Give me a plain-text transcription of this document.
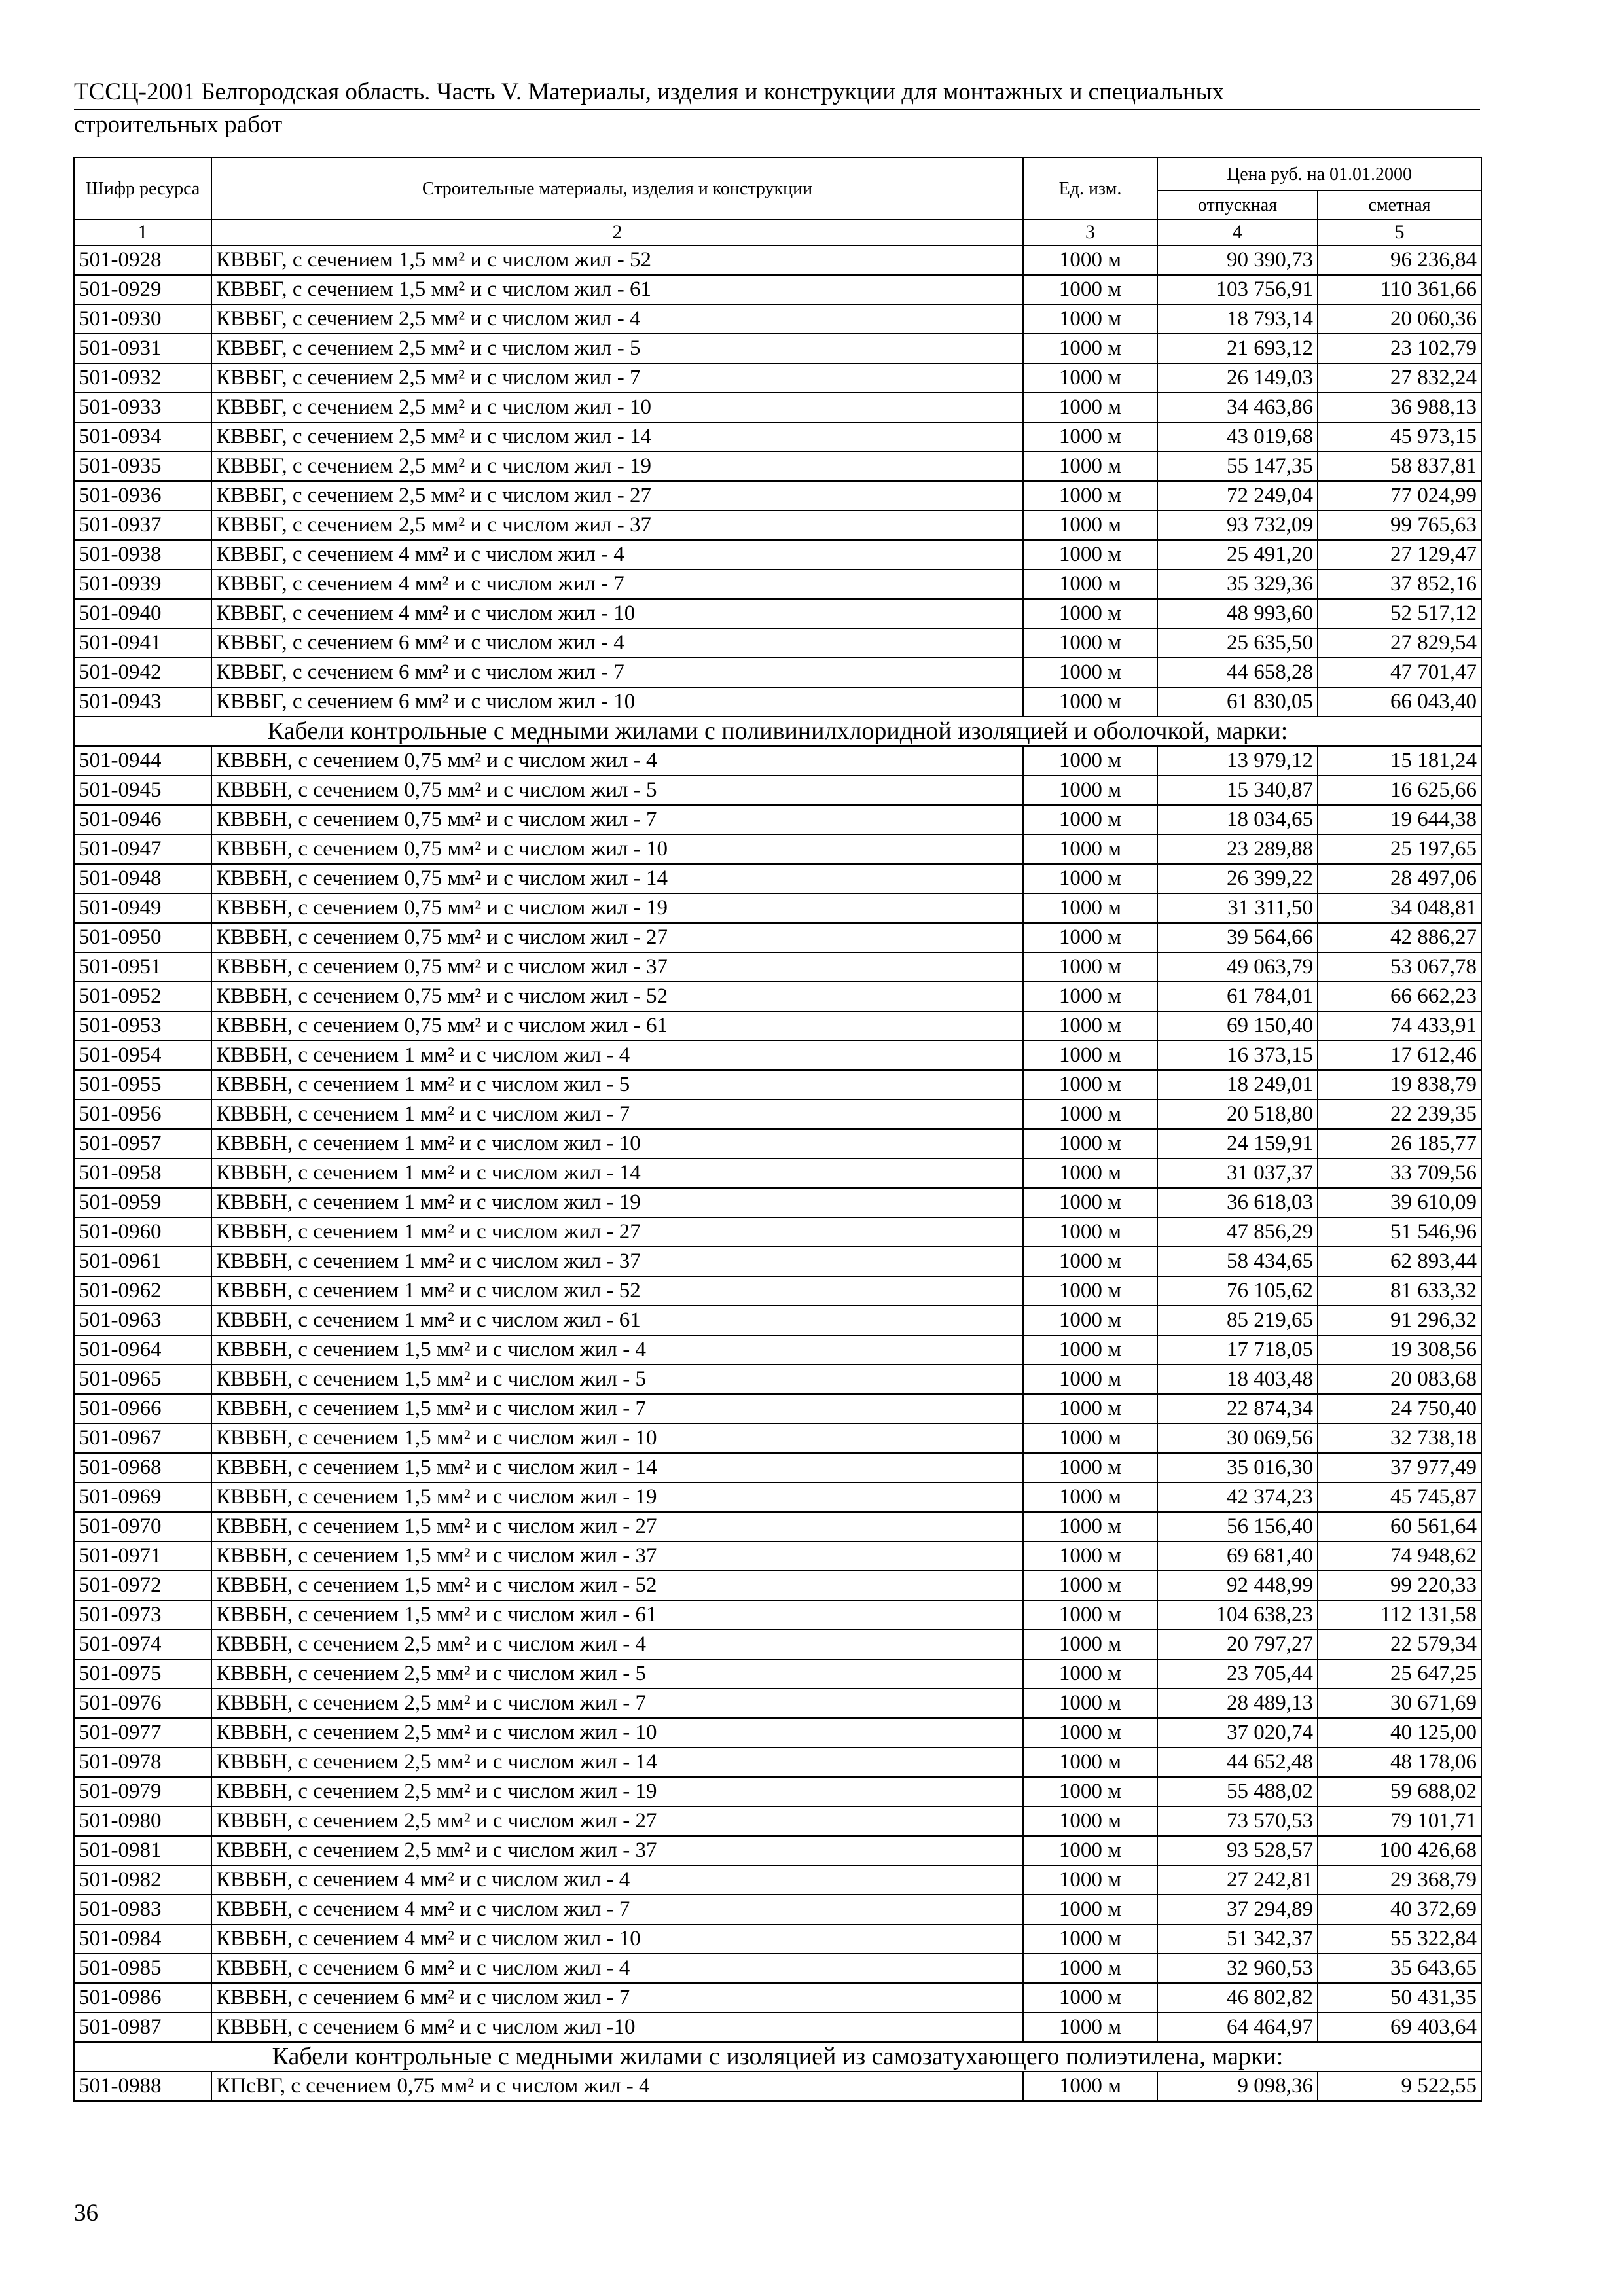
ТССЦ-2001 Белгородская область. Часть V. Материалы, изделия и конструкции для монтажных и специальных
строительных работ
Шифр ресурса	Строительные материалы, изделия и конструкции	Ед. изм.	Цена руб. на 01.01.2000	
			отпускная	сметная
1	2	3	4	5
501-0928	КВВБГ, с сечением 1,5 мм² и с числом жил - 52	1000 м	90 390,73	96 236,84
501-0929	КВВБГ, с сечением 1,5 мм² и с числом жил - 61	1000 м	103 756,91	110 361,66
501-0930	КВВБГ, с сечением 2,5 мм² и с числом жил - 4	1000 м	18 793,14	20 060,36
501-0931	КВВБГ, с сечением 2,5 мм² и с числом жил - 5	1000 м	21 693,12	23 102,79
501-0932	КВВБГ, с сечением 2,5 мм² и с числом жил - 7	1000 м	26 149,03	27 832,24
501-0933	КВВБГ, с сечением 2,5 мм² и с числом жил - 10	1000 м	34 463,86	36 988,13
501-0934	КВВБГ, с сечением 2,5 мм² и с числом жил - 14	1000 м	43 019,68	45 973,15
501-0935	КВВБГ, с сечением 2,5 мм² и с числом жил - 19	1000 м	55 147,35	58 837,81
501-0936	КВВБГ, с сечением 2,5 мм² и с числом жил - 27	1000 м	72 249,04	77 024,99
501-0937	КВВБГ, с сечением 2,5 мм² и с числом жил - 37	1000 м	93 732,09	99 765,63
501-0938	КВВБГ, с сечением 4 мм² и с числом жил - 4	1000 м	25 491,20	27 129,47
501-0939	КВВБГ, с сечением 4 мм² и с числом жил - 7	1000 м	35 329,36	37 852,16
501-0940	КВВБГ, с сечением 4 мм² и с числом жил - 10	1000 м	48 993,60	52 517,12
501-0941	КВВБГ, с сечением 6 мм² и с числом жил - 4	1000 м	25 635,50	27 829,54
501-0942	КВВБГ, с сечением 6 мм² и с числом жил - 7	1000 м	44 658,28	47 701,47
501-0943	КВВБГ, с сечением 6 мм² и с числом жил - 10	1000 м	61 830,05	66 043,40
Кабели контрольные с медными жилами с поливинилхлоридной изоляцией и оболочкой, марки:				
501-0944	КВВБН, с сечением 0,75 мм² и с числом жил - 4	1000 м	13 979,12	15 181,24
501-0945	КВВБН, с сечением 0,75 мм² и с числом жил - 5	1000 м	15 340,87	16 625,66
501-0946	КВВБН, с сечением 0,75 мм² и с числом жил - 7	1000 м	18 034,65	19 644,38
501-0947	КВВБН, с сечением 0,75 мм² и с числом жил - 10	1000 м	23 289,88	25 197,65
501-0948	КВВБН, с сечением 0,75 мм² и с числом жил - 14	1000 м	26 399,22	28 497,06
501-0949	КВВБН, с сечением 0,75 мм² и с числом жил - 19	1000 м	31 311,50	34 048,81
501-0950	КВВБН, с сечением 0,75 мм² и с числом жил - 27	1000 м	39 564,66	42 886,27
501-0951	КВВБН, с сечением 0,75 мм² и с числом жил - 37	1000 м	49 063,79	53 067,78
501-0952	КВВБН, с сечением 0,75 мм² и с числом жил - 52	1000 м	61 784,01	66 662,23
501-0953	КВВБН, с сечением 0,75 мм² и с числом жил - 61	1000 м	69 150,40	74 433,91
501-0954	КВВБН, с сечением 1 мм² и с числом жил - 4	1000 м	16 373,15	17 612,46
501-0955	КВВБН, с сечением 1 мм² и с числом жил - 5	1000 м	18 249,01	19 838,79
501-0956	КВВБН, с сечением 1 мм² и с числом жил - 7	1000 м	20 518,80	22 239,35
501-0957	КВВБН, с сечением 1 мм² и с числом жил - 10	1000 м	24 159,91	26 185,77
501-0958	КВВБН, с сечением 1 мм² и с числом жил - 14	1000 м	31 037,37	33 709,56
501-0959	КВВБН, с сечением 1 мм² и с числом жил - 19	1000 м	36 618,03	39 610,09
501-0960	КВВБН, с сечением 1 мм² и с числом жил - 27	1000 м	47 856,29	51 546,96
501-0961	КВВБН, с сечением 1 мм² и с числом жил - 37	1000 м	58 434,65	62 893,44
501-0962	КВВБН, с сечением 1 мм² и с числом жил - 52	1000 м	76 105,62	81 633,32
501-0963	КВВБН, с сечением 1 мм² и с числом жил - 61	1000 м	85 219,65	91 296,32
501-0964	КВВБН, с сечением 1,5 мм² и с числом жил - 4	1000 м	17 718,05	19 308,56
501-0965	КВВБН, с сечением 1,5 мм² и с числом жил - 5	1000 м	18 403,48	20 083,68
501-0966	КВВБН, с сечением 1,5 мм² и с числом жил - 7	1000 м	22 874,34	24 750,40
501-0967	КВВБН, с сечением 1,5 мм² и с числом жил - 10	1000 м	30 069,56	32 738,18
501-0968	КВВБН, с сечением 1,5 мм² и с числом жил - 14	1000 м	35 016,30	37 977,49
501-0969	КВВБН, с сечением 1,5 мм² и с числом жил - 19	1000 м	42 374,23	45 745,87
501-0970	КВВБН, с сечением 1,5 мм² и с числом жил - 27	1000 м	56 156,40	60 561,64
501-0971	КВВБН, с сечением 1,5 мм² и с числом жил - 37	1000 м	69 681,40	74 948,62
501-0972	КВВБН, с сечением 1,5 мм² и с числом жил - 52	1000 м	92 448,99	99 220,33
501-0973	КВВБН, с сечением 1,5 мм² и с числом жил - 61	1000 м	104 638,23	112 131,58
501-0974	КВВБН, с сечением 2,5 мм² и с числом жил - 4	1000 м	20 797,27	22 579,34
501-0975	КВВБН, с сечением 2,5 мм² и с числом жил - 5	1000 м	23 705,44	25 647,25
501-0976	КВВБН, с сечением 2,5 мм² и с числом жил - 7	1000 м	28 489,13	30 671,69
501-0977	КВВБН, с сечением 2,5 мм² и с числом жил - 10	1000 м	37 020,74	40 125,00
501-0978	КВВБН, с сечением 2,5 мм² и с числом жил - 14	1000 м	44 652,48	48 178,06
501-0979	КВВБН, с сечением 2,5 мм² и с числом жил - 19	1000 м	55 488,02	59 688,02
501-0980	КВВБН, с сечением 2,5 мм² и с числом жил - 27	1000 м	73 570,53	79 101,71
501-0981	КВВБН, с сечением 2,5 мм² и с числом жил - 37	1000 м	93 528,57	100 426,68
501-0982	КВВБН, с сечением 4 мм² и с числом жил - 4	1000 м	27 242,81	29 368,79
501-0983	КВВБН, с сечением 4 мм² и с числом жил - 7	1000 м	37 294,89	40 372,69
501-0984	КВВБН, с сечением 4 мм² и с числом жил - 10	1000 м	51 342,37	55 322,84
501-0985	КВВБН, с сечением 6 мм² и с числом жил - 4	1000 м	32 960,53	35 643,65
501-0986	КВВБН, с сечением 6 мм² и с числом жил - 7	1000 м	46 802,82	50 431,35
501-0987	КВВБН, с сечением 6 мм² и с числом жил -10	1000 м	64 464,97	69 403,64
Кабели контрольные с медными жилами с изоляцией из самозатухающего полиэтилена, марки:				
501-0988	КПсВГ, с сечением 0,75 мм² и с числом жил - 4	1000 м	9 098,36	9 522,55
36
